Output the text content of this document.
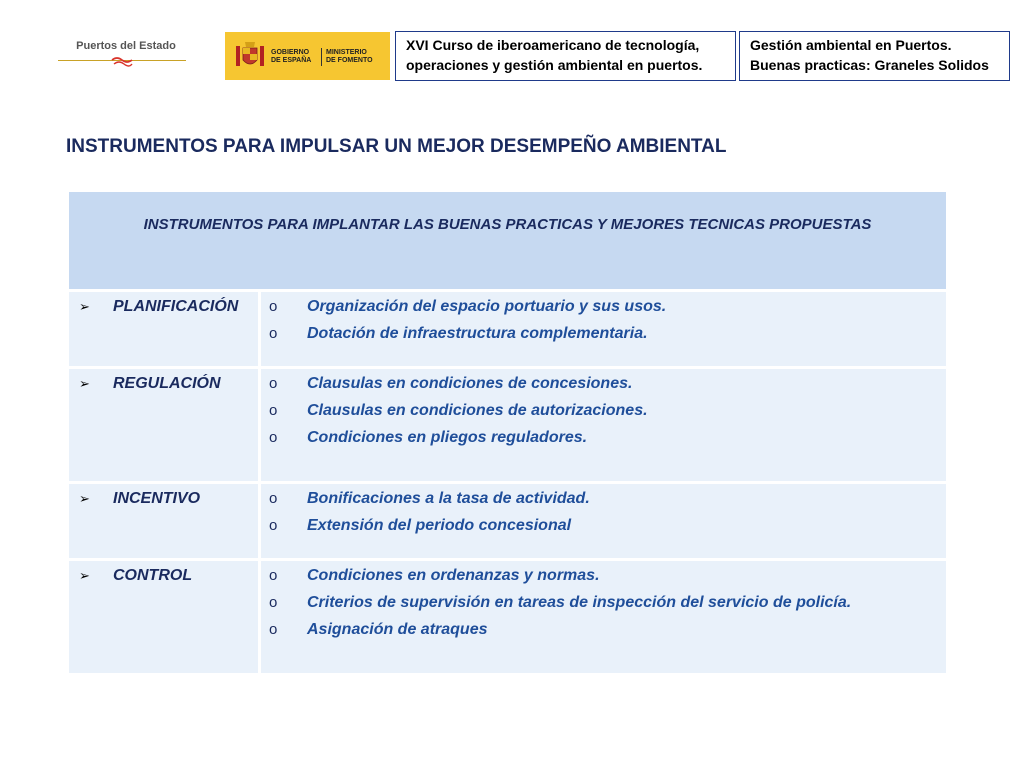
Puertos del Estado
GOBIERNO
DE ESPAÑA
MINISTERIO
DE FOMENTO
XVI Curso de iberoamericano de tecnología,
operaciones y gestión ambiental en puertos.
Gestión ambiental en Puertos.
Buenas practicas: Graneles Solidos
INSTRUMENTOS PARA IMPULSAR UN MEJOR DESEMPEÑO AMBIENTAL
INSTRUMENTOS PARA IMPLANTAR LAS BUENAS PRACTICAS Y MEJORES TECNICAS PROPUESTAS
➢	PLANIFICACIÓN o	Organización del espacio portuario y sus usos.
o	Dotación de infraestructura complementaria.
➢	REGULACIÓN	o	Clausulas en condiciones de concesiones.
o	Clausulas en condiciones de autorizaciones.
o	Condiciones en pliegos reguladores.
➢	INCENTIVO	o	Bonificaciones a la tasa de actividad.
o	Extensión del periodo concesional
➢	CONTROL	o	Condiciones en ordenanzas y normas.
o	Criterios de supervisión en tareas de inspección del servicio de policía.
o	Asignación de atraques
